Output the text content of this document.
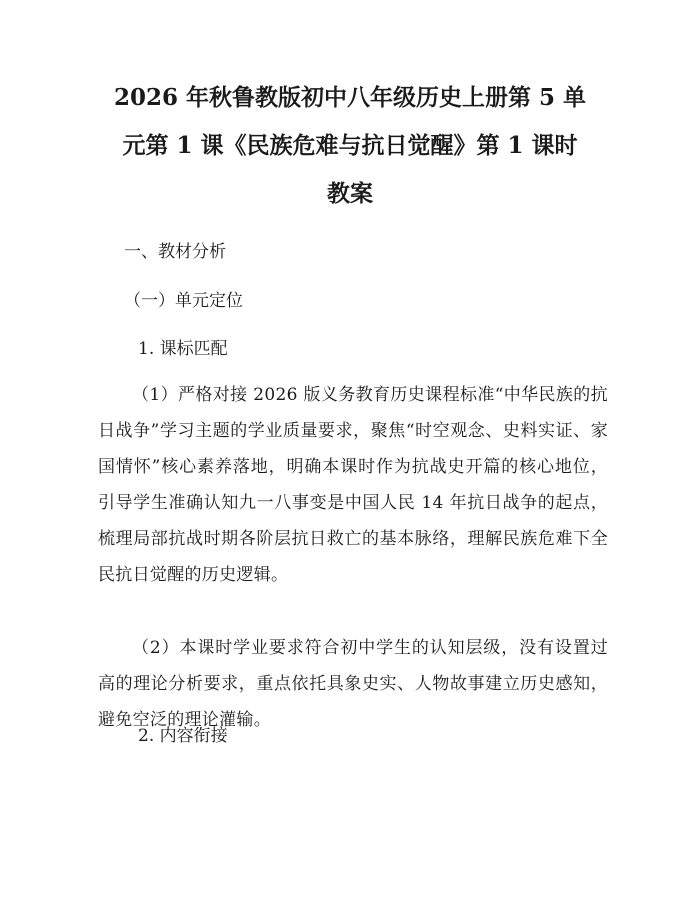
2026 年秋鲁教版初中八年级历史上册第 5 单
元第 1 课《民族危难与抗日觉醒》第 1 课时
教案
一、教材分析
（一）单元定位
1. 课标匹配
（1）严格对接 2026 版义务教育历史课程标准“中华民族的抗日战争”学习主题的学业质量要求，聚焦“时空观念、史料实证、家国情怀”核心素养落地，明确本课时作为抗战史开篇的核心地位，引导学生准确认知九一八事变是中国人民 14 年抗日战争的起点，梳理局部抗战时期各阶层抗日救亡的基本脉络，理解民族危难下全民抗日觉醒的历史逻辑。
（2）本课时学业要求符合初中学生的认知层级，没有设置过高的理论分析要求，重点依托具象史实、人物故事建立历史感知，避免空泛的理论灌输。
2. 内容衔接
